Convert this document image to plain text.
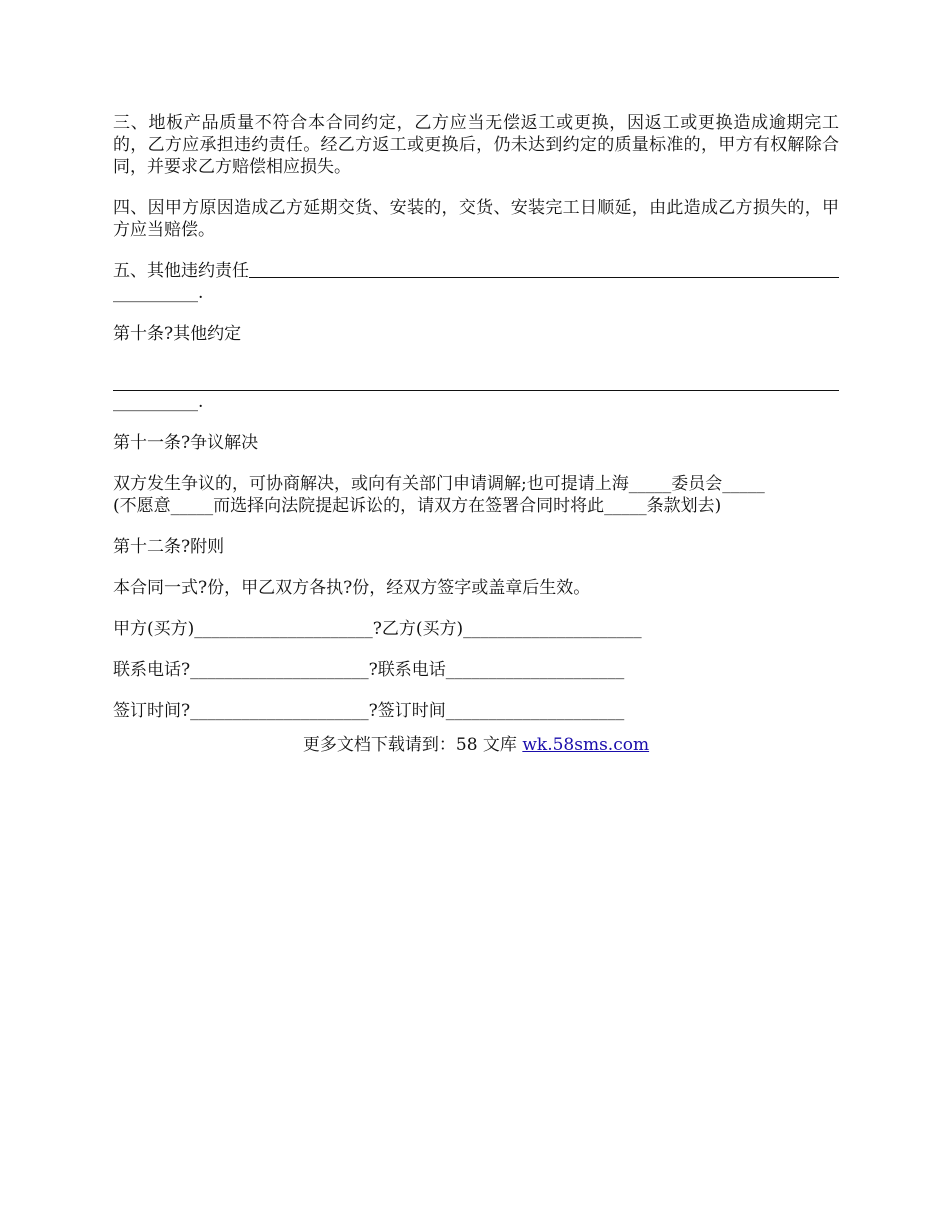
三、地板产品质量不符合本合同约定，乙方应当无偿返工或更换，因返工或更换造成逾期完工的，乙方应承担违约责任。经乙方返工或更换后，仍未达到约定的质量标准的，甲方有权解除合同，并要求乙方赔偿相应损失。

四、因甲方原因造成乙方延期交货、安装的，交货、安装完工日顺延，由此造成乙方损失的，甲方应当赔偿。

五、其他违约责任
__________.

第十条?其他约定

__________.

第十一条?争议解决

双方发生争议的，可协商解决，或向有关部门申请调解;也可提请上海_____委员会_____
(不愿意_____而选择向法院提起诉讼的，请双方在签署合同时将此_____条款划去)

第十二条?附则

本合同一式?份，甲乙双方各执?份，经双方签字或盖章后生效。

甲方(买方)_____________________?乙方(买方)_____________________

联系电话?_____________________?联系电话_____________________

签订时间?_____________________?签订时间_____________________

更多文档下载请到：58 文库 wk.58sms.com
